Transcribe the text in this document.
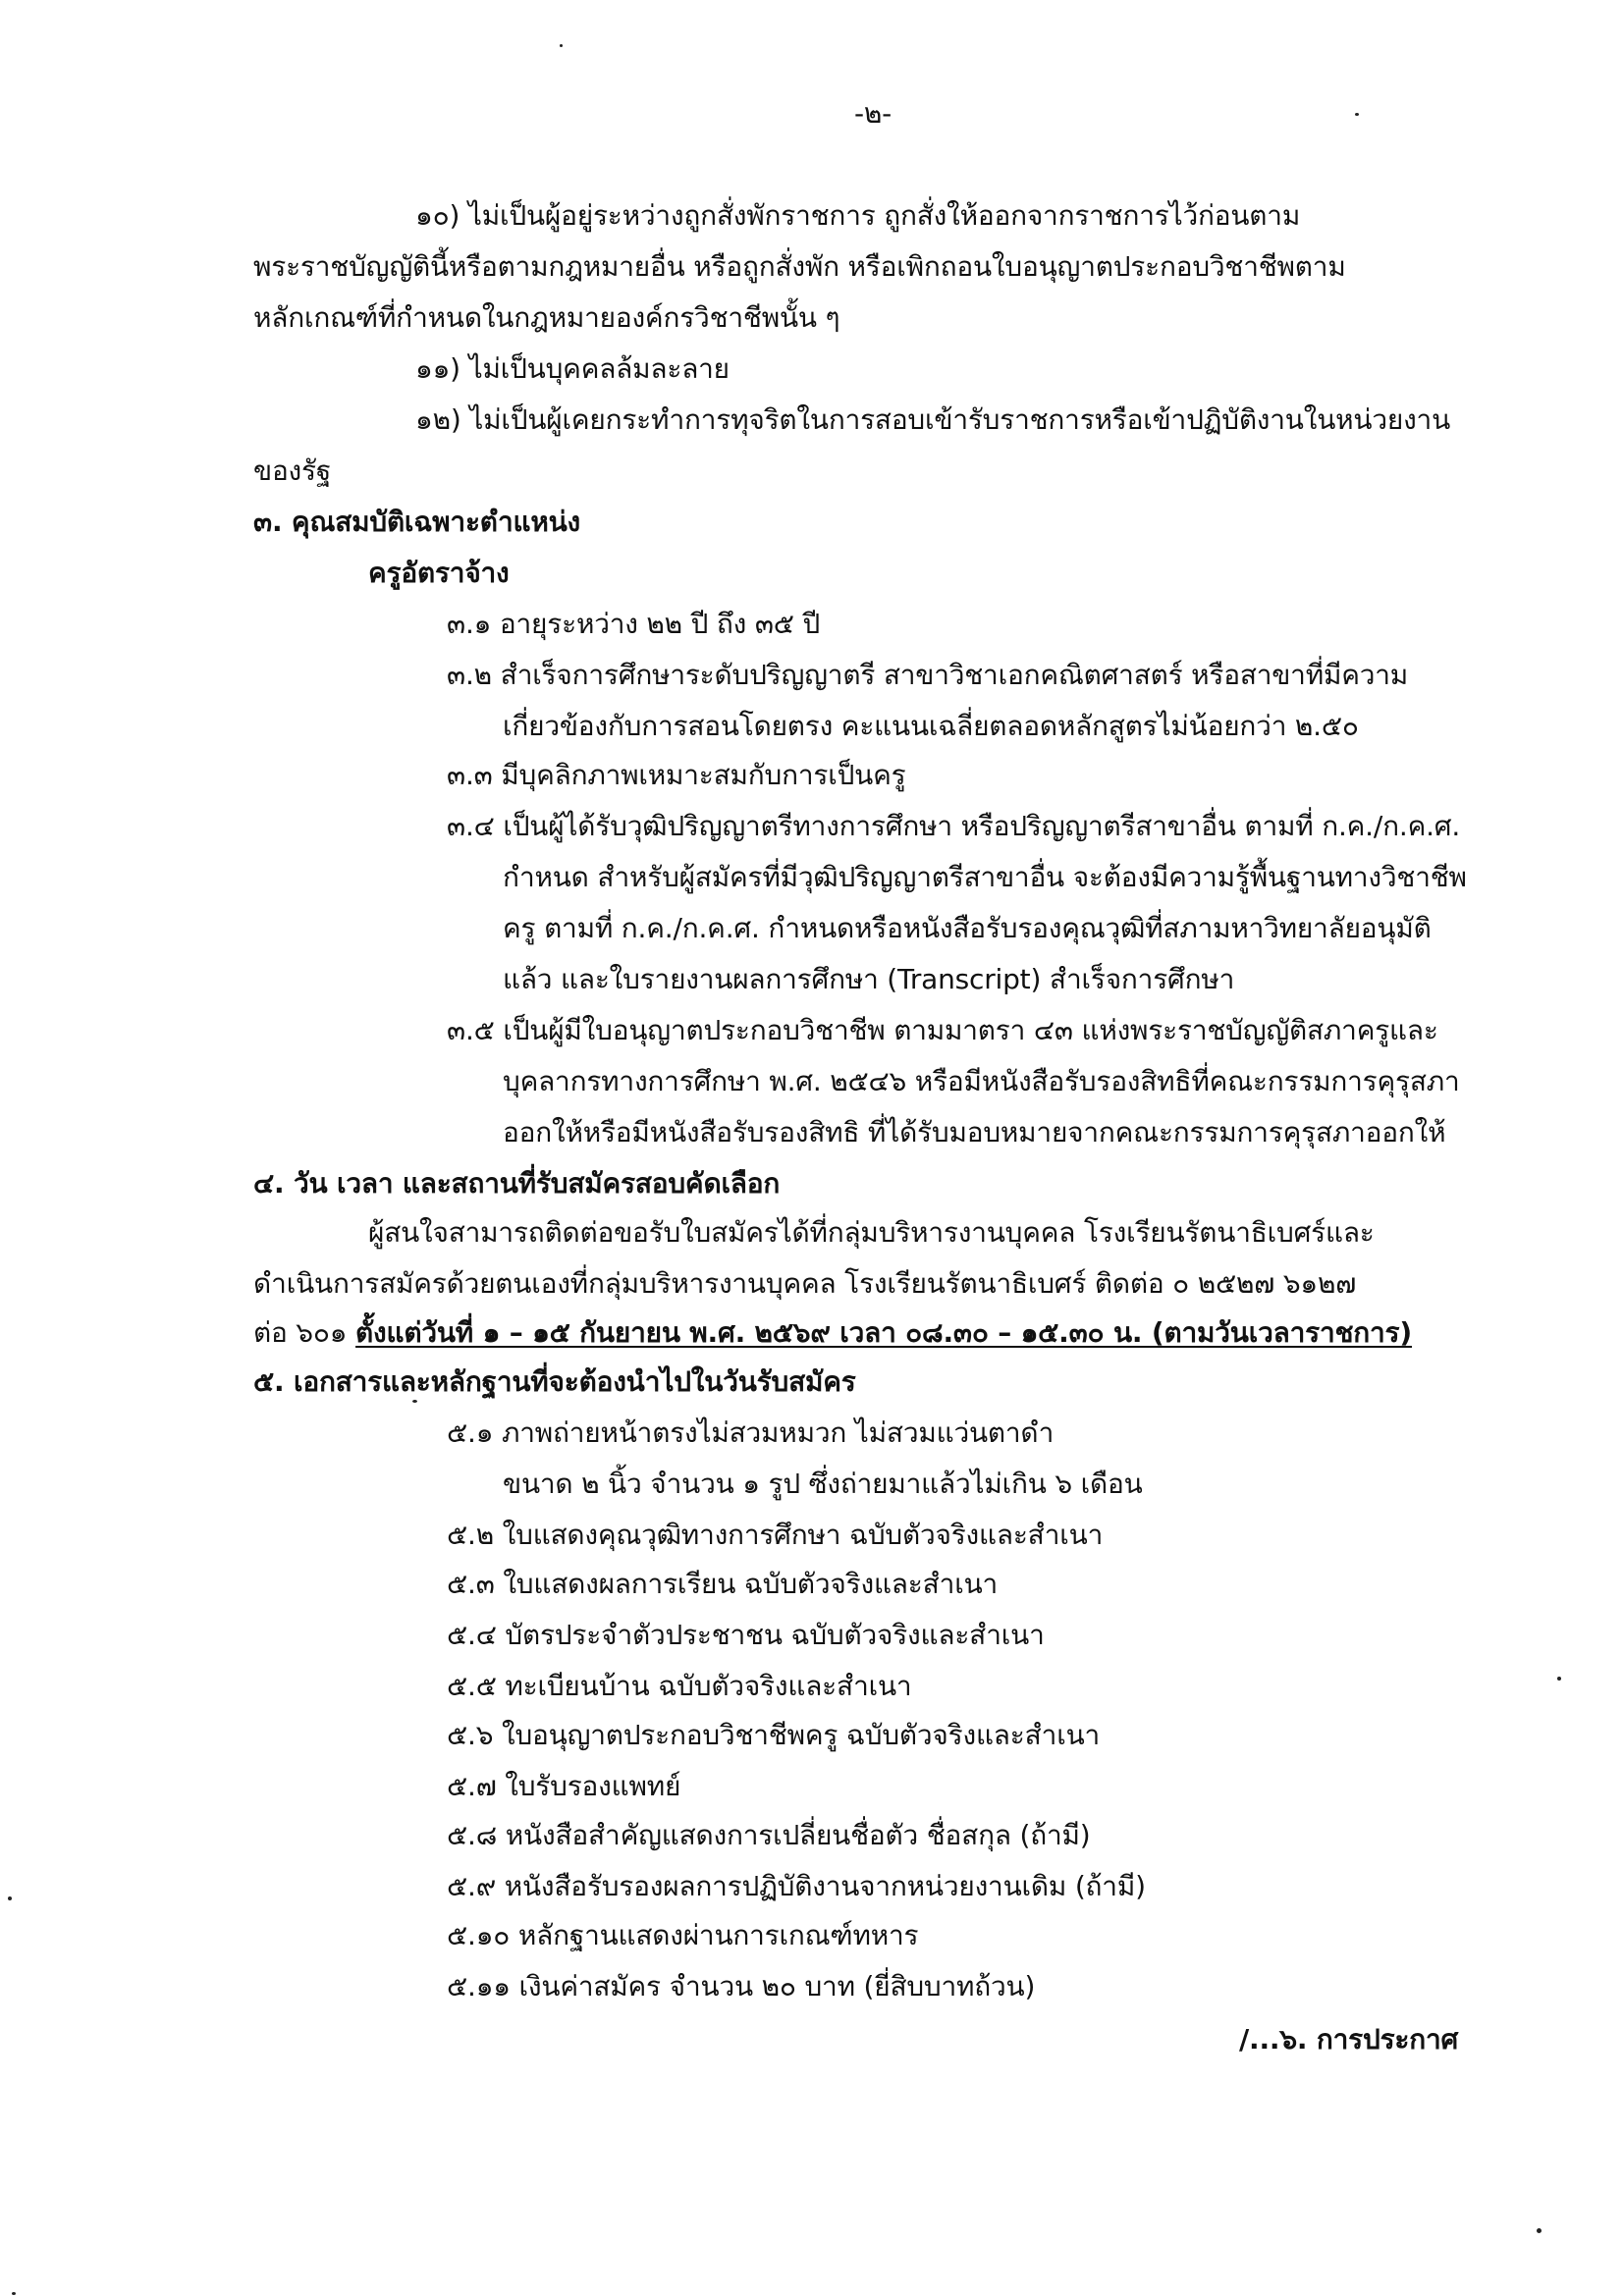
-๒-
๑๐) ไม่เป็นผู้อยู่ระหว่างถูกสั่งพักราชการ ถูกสั่งให้ออกจากราชการไว้ก่อนตาม
พระราชบัญญัตินี้หรือตามกฎหมายอื่น หรือถูกสั่งพัก หรือเพิกถอนใบอนุญาตประกอบวิชาชีพตาม
หลักเกณฑ์ที่กำหนดในกฎหมายองค์กรวิชาชีพนั้น ๆ
๑๑) ไม่เป็นบุคคลล้มละลาย
๑๒) ไม่เป็นผู้เคยกระทำการทุจริตในการสอบเข้ารับราชการหรือเข้าปฏิบัติงานในหน่วยงาน
ของรัฐ
๓. คุณสมบัติเฉพาะตำแหน่ง
ครูอัตราจ้าง
๓.๑ อายุระหว่าง ๒๒ ปี ถึง ๓๕ ปี
๓.๒ สำเร็จการศึกษาระดับปริญญาตรี สาขาวิชาเอกคณิตศาสตร์ หรือสาขาที่มีความ
เกี่ยวข้องกับการสอนโดยตรง คะแนนเฉลี่ยตลอดหลักสูตรไม่น้อยกว่า ๒.๕๐
๓.๓ มีบุคลิกภาพเหมาะสมกับการเป็นครู
๓.๔ เป็นผู้ได้รับวุฒิปริญญาตรีทางการศึกษา หรือปริญญาตรีสาขาอื่น ตามที่ ก.ค./ก.ค.ศ.
กำหนด สำหรับผู้สมัครที่มีวุฒิปริญญาตรีสาขาอื่น จะต้องมีความรู้พื้นฐานทางวิชาชีพ
ครู ตามที่ ก.ค./ก.ค.ศ. กำหนดหรือหนังสือรับรองคุณวุฒิที่สภามหาวิทยาลัยอนุมัติ
แล้ว และใบรายงานผลการศึกษา (Transcript) สำเร็จการศึกษา
๓.๕ เป็นผู้มีใบอนุญาตประกอบวิชาชีพ ตามมาตรา ๔๓ แห่งพระราชบัญญัติสภาครูและ
บุคลากรทางการศึกษา พ.ศ. ๒๕๔๖ หรือมีหนังสือรับรองสิทธิที่คณะกรรมการคุรุสภา
ออกให้หรือมีหนังสือรับรองสิทธิ ที่ได้รับมอบหมายจากคณะกรรมการคุรุสภาออกให้
๔. วัน เวลา และสถานที่รับสมัครสอบคัดเลือก
ผู้สนใจสามารถติดต่อขอรับใบสมัครได้ที่กลุ่มบริหารงานบุคคล โรงเรียนรัตนาธิเบศร์และ
ดำเนินการสมัครด้วยตนเองที่กลุ่มบริหารงานบุคคล โรงเรียนรัตนาธิเบศร์ ติดต่อ ๐ ๒๕๒๗ ๖๑๒๗
ต่อ ๖๐๑ ตั้งแต่วันที่ ๑ – ๑๕ กันยายน พ.ศ. ๒๕๖๙ เวลา ๐๘.๓๐ – ๑๕.๓๐ น. (ตามวันเวลาราชการ)
๕. เอกสารและหลักฐานที่จะต้องนำไปในวันรับสมัคร
๕.๑ ภาพถ่ายหน้าตรงไม่สวมหมวก ไม่สวมแว่นตาดำ
ขนาด ๒ นิ้ว จำนวน ๑ รูป ซึ่งถ่ายมาแล้วไม่เกิน ๖ เดือน
๕.๒ ใบแสดงคุณวุฒิทางการศึกษา ฉบับตัวจริงและสำเนา
๕.๓ ใบแสดงผลการเรียน ฉบับตัวจริงและสำเนา
๕.๔ บัตรประจำตัวประชาชน ฉบับตัวจริงและสำเนา
๕.๕ ทะเบียนบ้าน ฉบับตัวจริงและสำเนา
๕.๖ ใบอนุญาตประกอบวิชาชีพครู ฉบับตัวจริงและสำเนา
๕.๗ ใบรับรองแพทย์
๕.๘ หนังสือสำคัญแสดงการเปลี่ยนชื่อตัว ชื่อสกุล (ถ้ามี)
๕.๙ หนังสือรับรองผลการปฏิบัติงานจากหน่วยงานเดิม (ถ้ามี)
๕.๑๐ หลักฐานแสดงผ่านการเกณฑ์ทหาร
๕.๑๑ เงินค่าสมัคร จำนวน ๒๐ บาท (ยี่สิบบาทถ้วน)
/...๖. การประกาศ
